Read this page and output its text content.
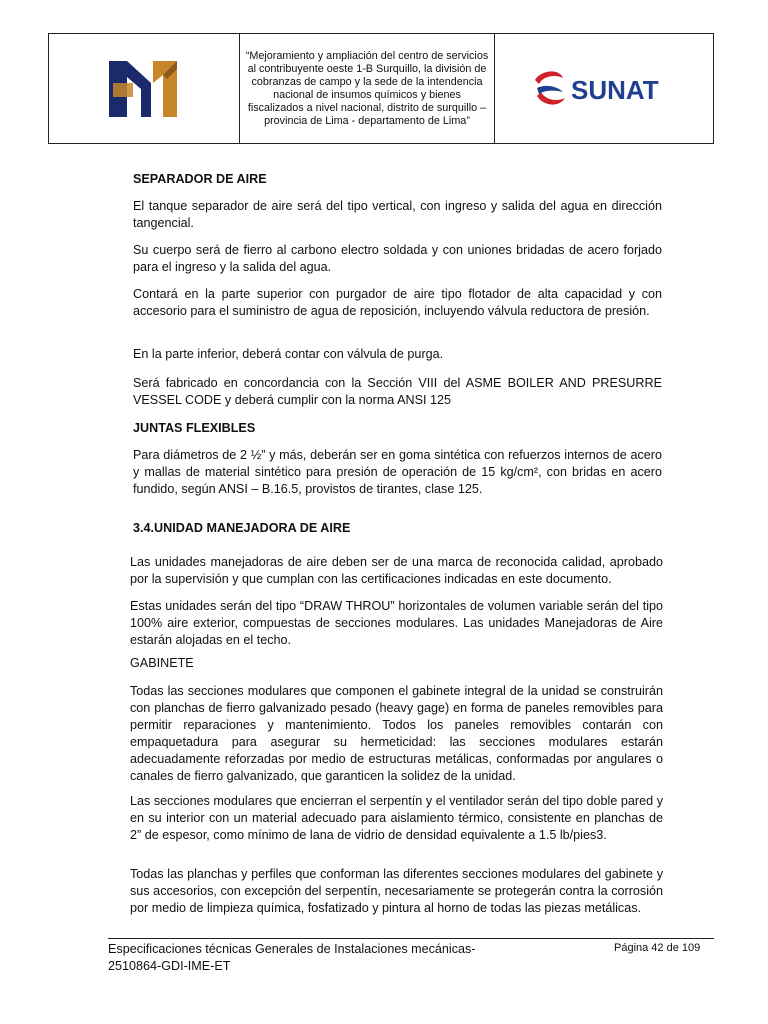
“Mejoramiento y ampliación del centro de servicios al contribuyente oeste 1-B Surquillo, la división de cobranzas de campo y la sede de la intendencia nacional de insumos químicos y bienes fiscalizados a nivel nacional, distrito de surquillo – provincia de Lima - departamento de Lima”
SUNAT
SEPARADOR DE AIRE
El tanque separador de aire será del tipo vertical, con ingreso y salida del agua en dirección tangencial.
Su cuerpo será de fierro al carbono electro soldada y con uniones bridadas de acero forjado para el ingreso y la salida del agua.
Contará en la parte superior con purgador de aire tipo flotador de alta capacidad y con accesorio para el suministro de agua de reposición, incluyendo válvula reductora de presión.
En la parte inferior, deberá contar con válvula de purga.
Será fabricado en concordancia con la Sección VIII del ASME BOILER AND PRESURRE VESSEL CODE y deberá cumplir con la norma ANSI 125
JUNTAS FLEXIBLES
Para diámetros de 2 ½” y más, deberán ser en goma sintética con refuerzos internos de acero y mallas de material sintético para presión de operación de 15 kg/cm², con bridas en acero fundido, según ANSI – B.16.5, provistos de tirantes, clase 125.
3.4.UNIDAD MANEJADORA DE AIRE
Las unidades manejadoras de aire deben ser de una marca de reconocida calidad, aprobado por la supervisión y que cumplan con las certificaciones indicadas en este documento.
Estas unidades serán del tipo “DRAW THROU” horizontales de volumen variable serán del tipo 100% aire exterior, compuestas de secciones modulares. Las unidades Manejadoras de Aire estarán alojadas en el techo.
GABINETE
Todas las secciones modulares que componen el gabinete integral de la unidad se construirán con planchas de fierro galvanizado pesado (heavy gage) en forma de paneles removibles para permitir reparaciones y mantenimiento. Todos los paneles removibles contarán con empaquetadura para asegurar su hermeticidad: las secciones modulares estarán adecuadamente reforzadas por medio de estructuras metálicas, conformadas por angulares o canales de fierro galvanizado, que garanticen la solidez de la unidad.
Las secciones modulares que encierran el serpentín y el ventilador serán del tipo doble pared y en su interior con un material adecuado para aislamiento térmico, consistente en planchas de 2” de espesor, como mínimo de lana de vidrio de densidad equivalente a 1.5 lb/pies3.
Todas las planchas y perfiles que conforman las diferentes secciones modulares del gabinete y sus accesorios, con excepción del serpentín, necesariamente se protegerán contra la corrosión por medio de limpieza química, fosfatizado y pintura al horno de todas las piezas metálicas.
Especificaciones técnicas Generales de Instalaciones mecánicas-2510864-GDI-IME-ET
Página 42 de 109
